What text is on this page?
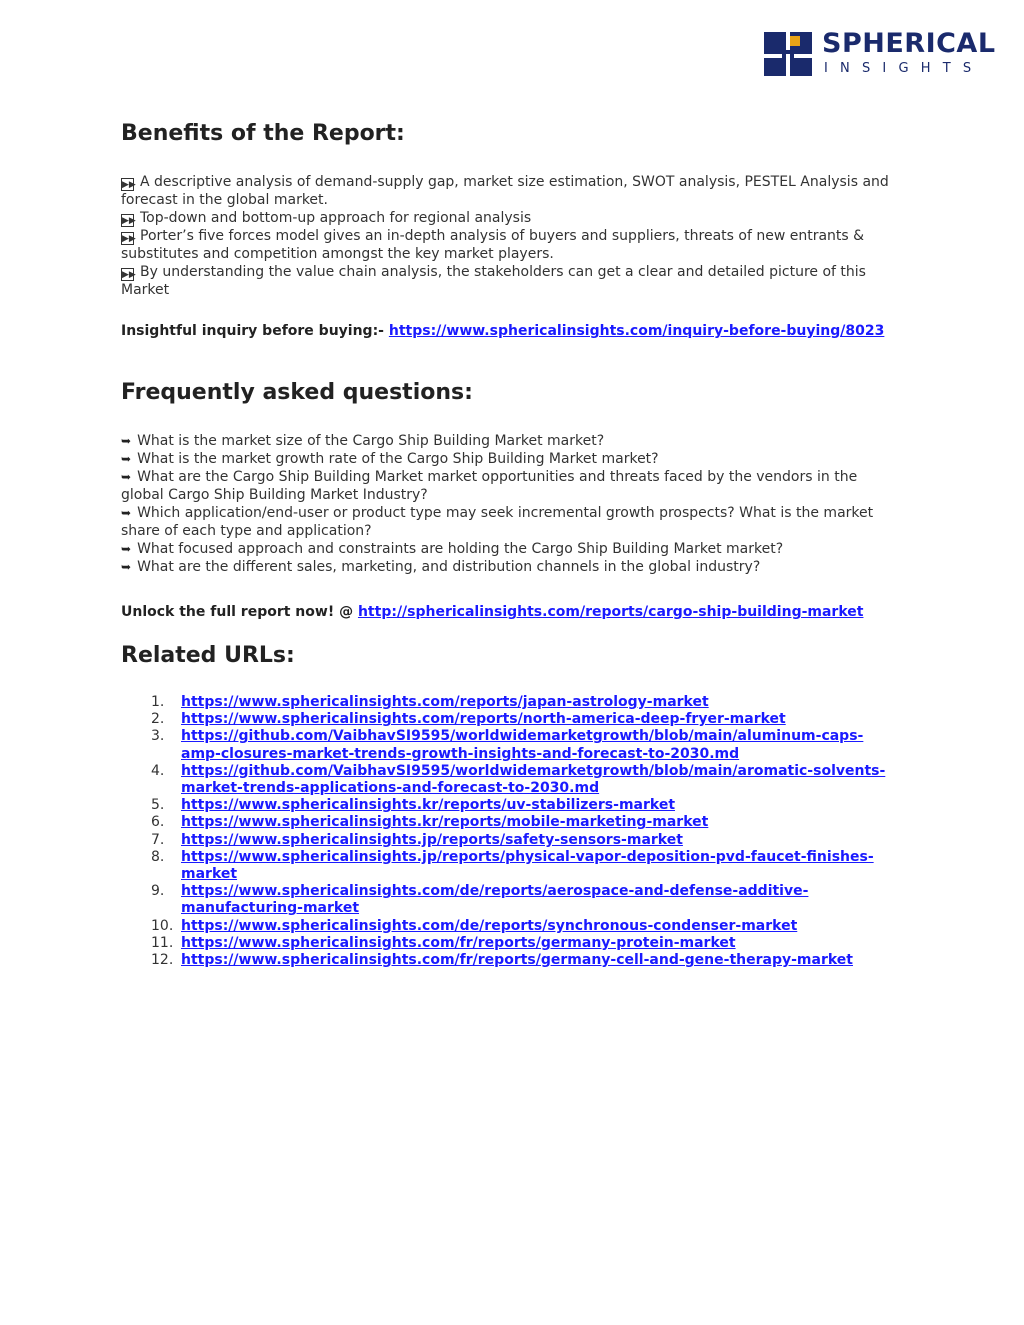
SPHERICAL
INSIGHTS
Benefits of the Report:

▶▶ A descriptive analysis of demand-supply gap, market size estimation, SWOT analysis, PESTEL Analysis and forecast in the global market.

▶▶ Top-down and bottom-up approach for regional analysis

▶▶ Porter’s five forces model gives an in-depth analysis of buyers and suppliers, threats of new entrants & substitutes and competition amongst the key market players.

▶▶ By understanding the value chain analysis, the stakeholders can get a clear and detailed picture of this Market

Insightful inquiry before buying:- https://www.sphericalinsights.com/inquiry-before-buying/8023
Frequently asked questions:

➥ What is the market size of the Cargo Ship Building Market market?

➥ What is the market growth rate of the Cargo Ship Building Market market?

➥ What are the Cargo Ship Building Market market opportunities and threats faced by the vendors in the global Cargo Ship Building Market Industry?

➥ Which application/end-user or product type may seek incremental growth prospects? What is the market share of each type and application?

➥ What focused approach and constraints are holding the Cargo Ship Building Market market?

➥ What are the different sales, marketing, and distribution channels in the global industry?

Unlock the full report now! @ http://sphericalinsights.com/reports/cargo-ship-building-market
Related URLs:
1. https://www.sphericalinsights.com/reports/japan-astrology-market
2. https://www.sphericalinsights.com/reports/north-america-deep-fryer-market
3. https://github.com/VaibhavSI9595/worldwidemarketgrowth/blob/main/aluminum-caps-amp-closures-market-trends-growth-insights-and-forecast-to-2030.md
4. https://github.com/VaibhavSI9595/worldwidemarketgrowth/blob/main/aromatic-solvents-market-trends-applications-and-forecast-to-2030.md
5. https://www.sphericalinsights.kr/reports/uv-stabilizers-market
6. https://www.sphericalinsights.kr/reports/mobile-marketing-market
7. https://www.sphericalinsights.jp/reports/safety-sensors-market
8. https://www.sphericalinsights.jp/reports/physical-vapor-deposition-pvd-faucet-finishes-market
9. https://www.sphericalinsights.com/de/reports/aerospace-and-defense-additive-manufacturing-market
10. https://www.sphericalinsights.com/de/reports/synchronous-condenser-market
11. https://www.sphericalinsights.com/fr/reports/germany-protein-market
12. https://www.sphericalinsights.com/fr/reports/germany-cell-and-gene-therapy-market
